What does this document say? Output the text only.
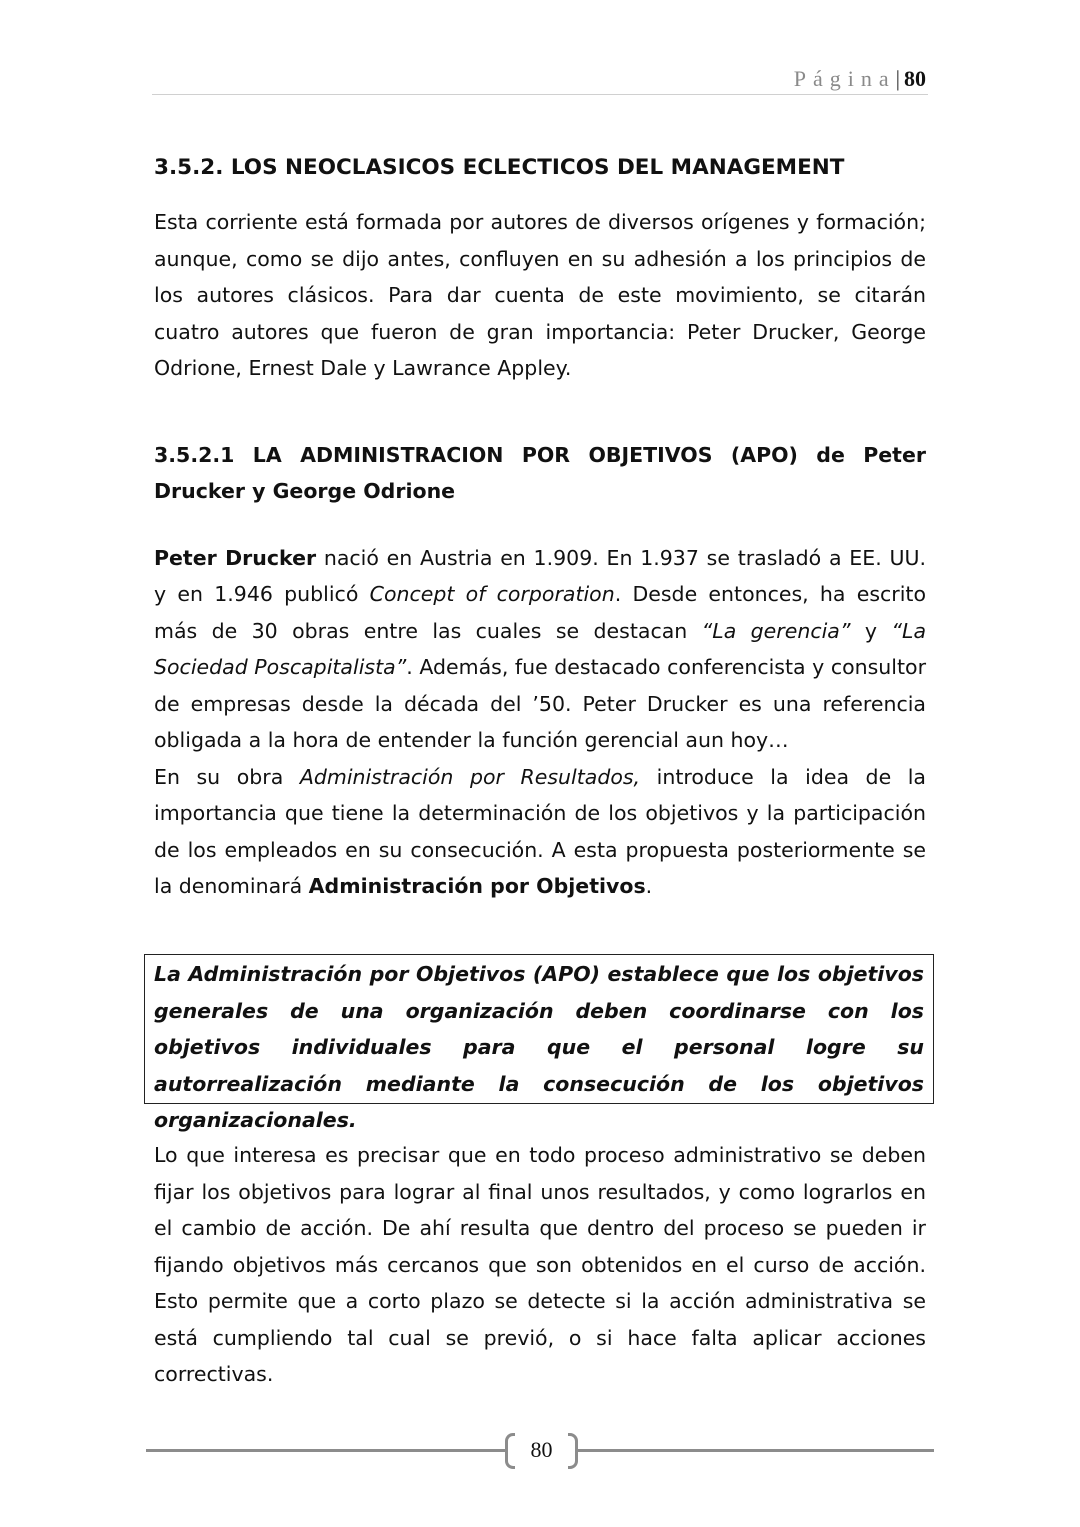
Página| 80
3.5.2. LOS NEOCLASICOS ECLECTICOS DEL MANAGEMENT

Esta corriente está formada por autores de diversos orígenes y formación; aunque, como se dijo antes, confluyen en su adhesión a los principios de los autores clásicos. Para dar cuenta de este movimiento, se citarán cuatro autores que fueron de gran importancia: Peter Drucker, George Odrione, Ernest Dale y Lawrance Appley.

3.5.2.1 LA ADMINISTRACION POR OBJETIVOS (APO) de Peter Drucker y George Odrione

Peter Drucker nació en Austria en 1.909. En 1.937 se trasladó a EE. UU. y en 1.946 publicó Concept of corporation. Desde entonces, ha escrito más de 30 obras entre las cuales se destacan “La gerencia” y “La Sociedad Poscapitalista”. Además, fue destacado conferencista y consultor de empresas desde la década del ’50. Peter Drucker es una referencia obligada a la hora de entender la función gerencial aun hoy…

En su obra Administración por Resultados, introduce la idea de la importancia que tiene la determinación de los objetivos y la participación de los empleados en su consecución. A esta propuesta posteriormente se la denominará Administración por Objetivos.

La Administración por Objetivos (APO) establece que los objetivos generales de una organización deben coordinarse con los objetivos individuales para que el personal logre su autorrealización mediante la consecución de los objetivos organizacionales.

Lo que interesa es precisar que en todo proceso administrativo se deben fijar los objetivos para lograr al final unos resultados, y como lograrlos en el cambio de acción. De ahí resulta que dentro del proceso se pueden ir fijando objetivos más cercanos que son obtenidos en el curso de acción. Esto permite que a corto plazo se detecte si la acción administrativa se está cumpliendo tal cual se previó, o si hace falta aplicar acciones correctivas.

80
